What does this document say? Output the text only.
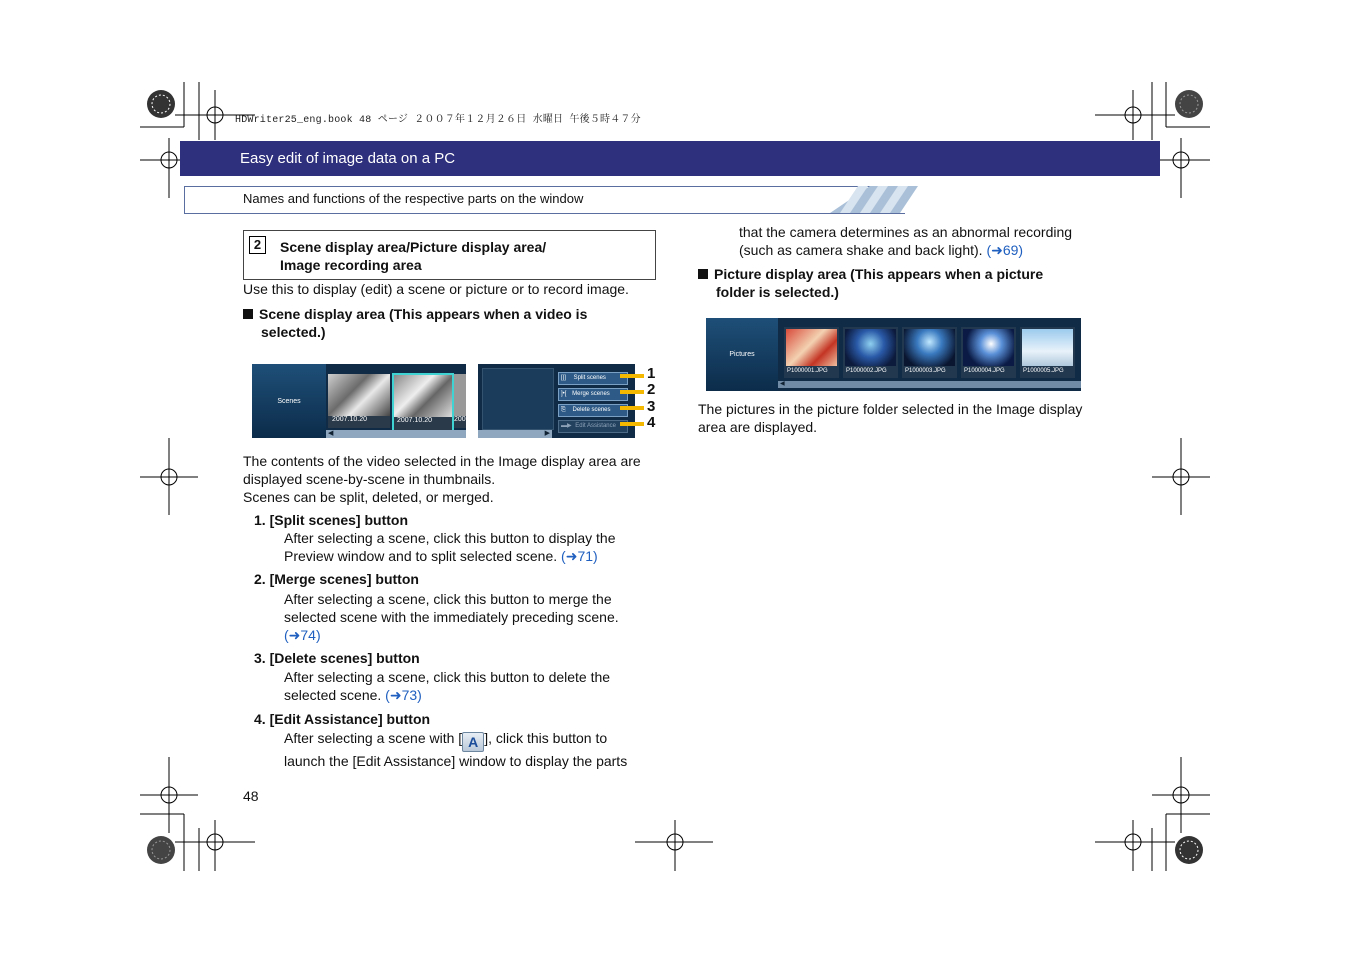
HDWriter25_eng.book 48 ページ ２００７年１２月２６日 水曜日 午後５時４７分
Easy edit of image data on a PC
Names and functions of the respective parts on the window
2	Scene display area/Picture display area/
Image recording area
Use this to display (edit) a scene or picture or to record image.
Scene display area (This appears when a video is
selected.)
Scenes
2007.10.20	2007.10.20	200
◀
[|] Split scenes
]•[ Merge scenes
⎘ Delete scenes
▬▶ Edit Assistance
▶
1
2
3
4
The contents of the video selected in the Image display area are
displayed scene-by-scene in thumbnails.
Scenes can be split, deleted, or merged.
1. [Split scenes] button
After selecting a scene, click this button to display the
Preview window and to split selected scene. (➜71)
2. [Merge scenes] button
After selecting a scene, click this button to merge the
selected scene with the immediately preceding scene.
(➜74)
3. [Delete scenes] button
After selecting a scene, click this button to delete the
selected scene. (➜73)
4. [Edit Assistance] button
After selecting a scene with [ A ], click this button to
launch the [Edit Assistance] window to display the parts
that the camera determines as an abnormal recording
(such as camera shake and back light). (➜69)
Picture display area (This appears when a picture
folder is selected.)
Pictures
P1000001.JPG	P1000002.JPG	P1000003.JPG	P1000004.JPG	P1000005.JPG
◀
The pictures in the picture folder selected in the Image display
area are displayed.
48
